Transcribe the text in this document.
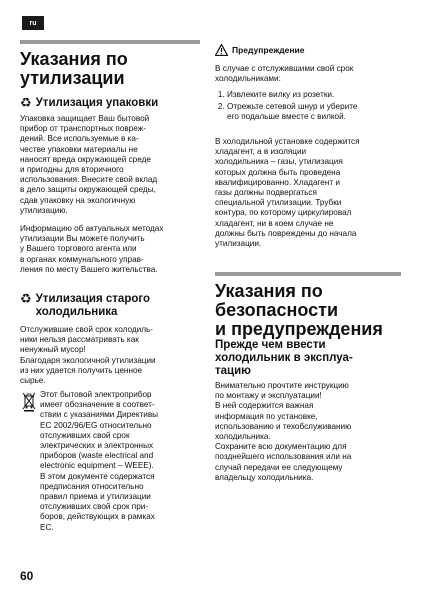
ru
Указания по
утилизации
♻ Утилизация упаковки

Упаковка защищает Ваш бытовой
прибор от транспортных повреж-
дений. Все используемые в ка-
честве упаковки материалы не
наносят вреда окружающей среде
и пригодны для вторичного
использования. Внесите свой вклад
в дело защиты окружающей среды,
сдав упаковку на экологичную
утилизацию.

Информацию об актуальных методах
утилизации Вы можете получить
у Вашего торгового агента или
в органах коммунального управ-
ления по месту Вашего жительства.

♻ Утилизация старого
холодильника

Отслужившие свой срок холодиль-
ники нельзя рассматривать как
ненужный мусор!
Благодаря экологичной утилизации
из них удается получить ценное
сырье.

Этот бытовой электроприбор
имеет обозначение в соответ-
ствии с указаниями Директивы
ЕС 2002/96/EG относительно
отслуживших свой срок
электрических и электронных
приборов (waste electrical and
electronic equipment – WEEE).
В этом документе содержатся
предписания относительно
правил приема и утилизации
отслуживших свой срок при-
боров, действующих в рамках
ЕС.

Предупреждение

В случае с отслужившими свой срок
холодильниками:

1. Извлеките вилку из розетки.
2. Отрежьте сетевой шнур и уберите
его подальше вместе с вилкой.

В холодильной установке содержится
хладагент, а в изоляции
холодильника – газы, утилизация
которых должна быть проведена
квалифицированно. Хладагент и
газы должны подвергаться
специальной утилизации. Трубки
контура, по которому циркулировал
хладагент, ни в коем случае не
должны быть повреждены до начала
утилизации.

Указания по
безопасности
и предупреждения
Прежде чем ввести
холодильник в эксплуа-
тацию

Внимательно прочтите инструкцию
по монтажу и эксплуатации!
В ней содержится важная
информация по установке,
использованию и техобслуживанию
холодильника.
Сохраните всю документацию для
позднейшего использования или на
случай передачи ее следующему
владельцу холодильника.

60
